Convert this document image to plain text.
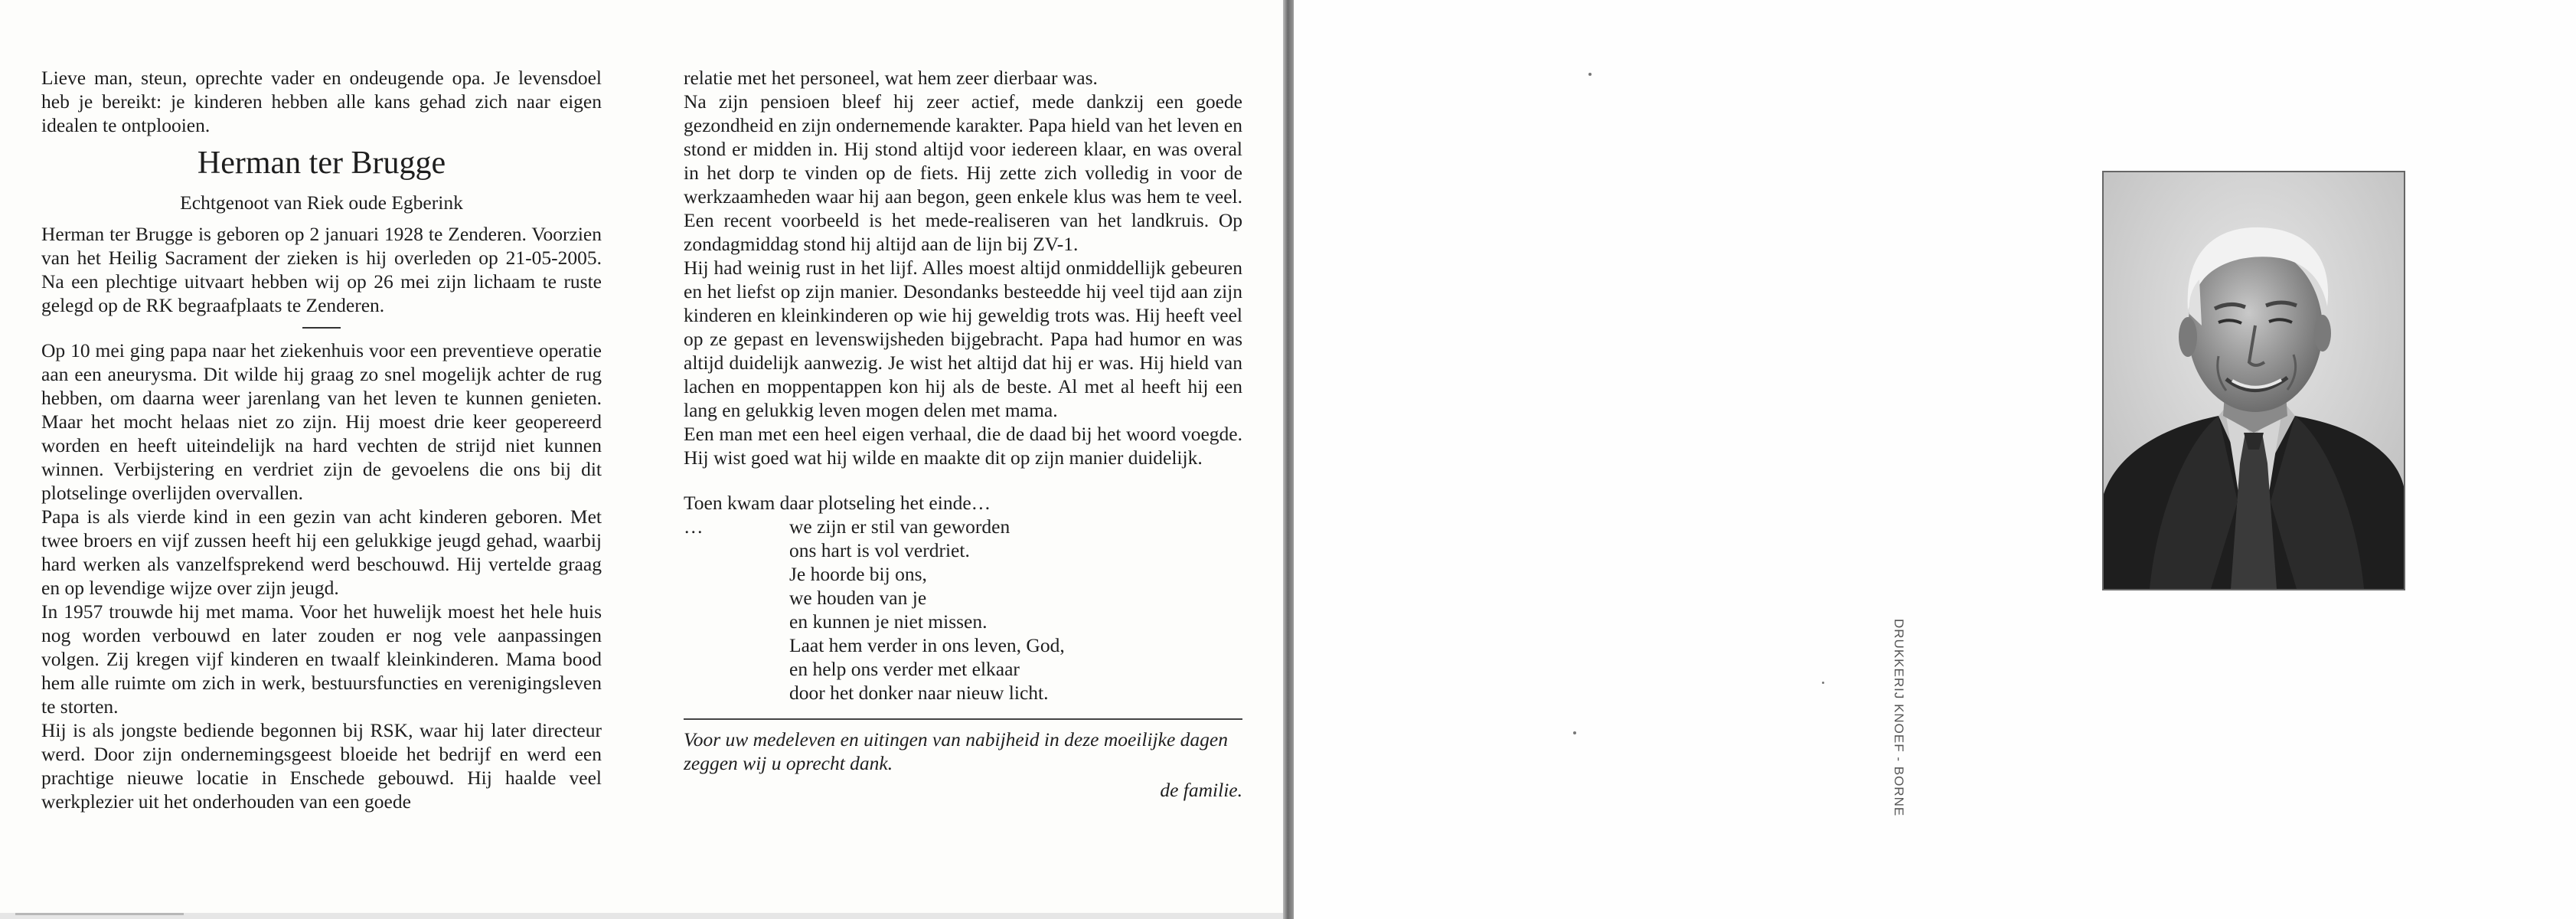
Lieve man, steun, oprechte vader en ondeugende opa. Je levensdoel heb je bereikt: je kinderen hebben alle kans gehad zich naar eigen idealen te ontplooien.

Herman ter Brugge
Echtgenoot van Riek oude Egberink

Herman ter Brugge is geboren op 2 januari 1928 te Zenderen. Voorzien van het Heilig Sacrament der zieken is hij overleden op 21-05-2005. Na een plechtige uitvaart hebben wij op 26 mei zijn lichaam te ruste gelegd op de RK begraafplaats te Zenderen.

Op 10 mei ging papa naar het ziekenhuis voor een preventieve operatie aan een aneurysma. Dit wilde hij graag zo snel mogelijk achter de rug hebben, om daarna weer jarenlang van het leven te kunnen genieten. Maar het mocht helaas niet zo zijn. Hij moest drie keer geopereerd worden en heeft uiteindelijk na hard vechten de strijd niet kunnen winnen. Verbijstering en verdriet zijn de gevoelens die ons bij dit plotselinge overlijden overvallen.

Papa is als vierde kind in een gezin van acht kinderen geboren. Met twee broers en vijf zussen heeft hij een gelukkige jeugd gehad, waarbij hard werken als vanzelfsprekend werd beschouwd. Hij vertelde graag en op levendige wijze over zijn jeugd.

In 1957 trouwde hij met mama. Voor het huwelijk moest het hele huis nog worden verbouwd en later zouden er nog vele aanpassingen volgen. Zij kregen vijf kinderen en twaalf kleinkinderen. Mama bood hem alle ruimte om zich in werk, bestuursfuncties en verenigingsleven te storten.

Hij is als jongste bediende begonnen bij RSK, waar hij later directeur werd. Door zijn ondernemingsgeest bloeide het bedrijf en werd een prachtige nieuwe locatie in Enschede gebouwd. Hij haalde veel werkplezier uit het onderhouden van een goede

relatie met het personeel, wat hem zeer dierbaar was.

Na zijn pensioen bleef hij zeer actief, mede dankzij een goede gezondheid en zijn ondernemende karakter. Papa hield van het leven en stond er midden in. Hij stond altijd voor iedereen klaar, en was overal in het dorp te vinden op de fiets. Hij zette zich volledig in voor de werkzaamheden waar hij aan begon, geen enkele klus was hem te veel. Een recent voorbeeld is het mede-realiseren van het landkruis. Op zondagmiddag stond hij altijd aan de lijn bij ZV-1.

Hij had weinig rust in het lijf. Alles moest altijd onmiddellijk gebeuren en het liefst op zijn manier. Desondanks besteedde hij veel tijd aan zijn kinderen en kleinkinderen op wie hij geweldig trots was. Hij heeft veel op ze gepast en levenswijsheden bijgebracht. Papa had humor en was altijd duidelijk aanwezig. Je wist het altijd dat hij er was. Hij hield van lachen en moppentappen kon hij als de beste. Al met al heeft hij een lang en gelukkig leven mogen delen met mama.

Een man met een heel eigen verhaal, die de daad bij het woord voegde. Hij wist goed wat hij wilde en maakte dit op zijn manier duidelijk.

Toen kwam daar plotseling het einde…

…	we zijn er stil van geworden
ons hart is vol verdriet.
Je hoorde bij ons,
we houden van je
en kunnen je niet missen.
Laat hem verder in ons leven, God,
en help ons verder met elkaar
door het donker naar nieuw licht.

Voor uw medeleven en uitingen van nabijheid in deze moeilijke dagen zeggen wij u oprecht dank.

de familie.	DRUKKERIJ KNOEF - BORNE
